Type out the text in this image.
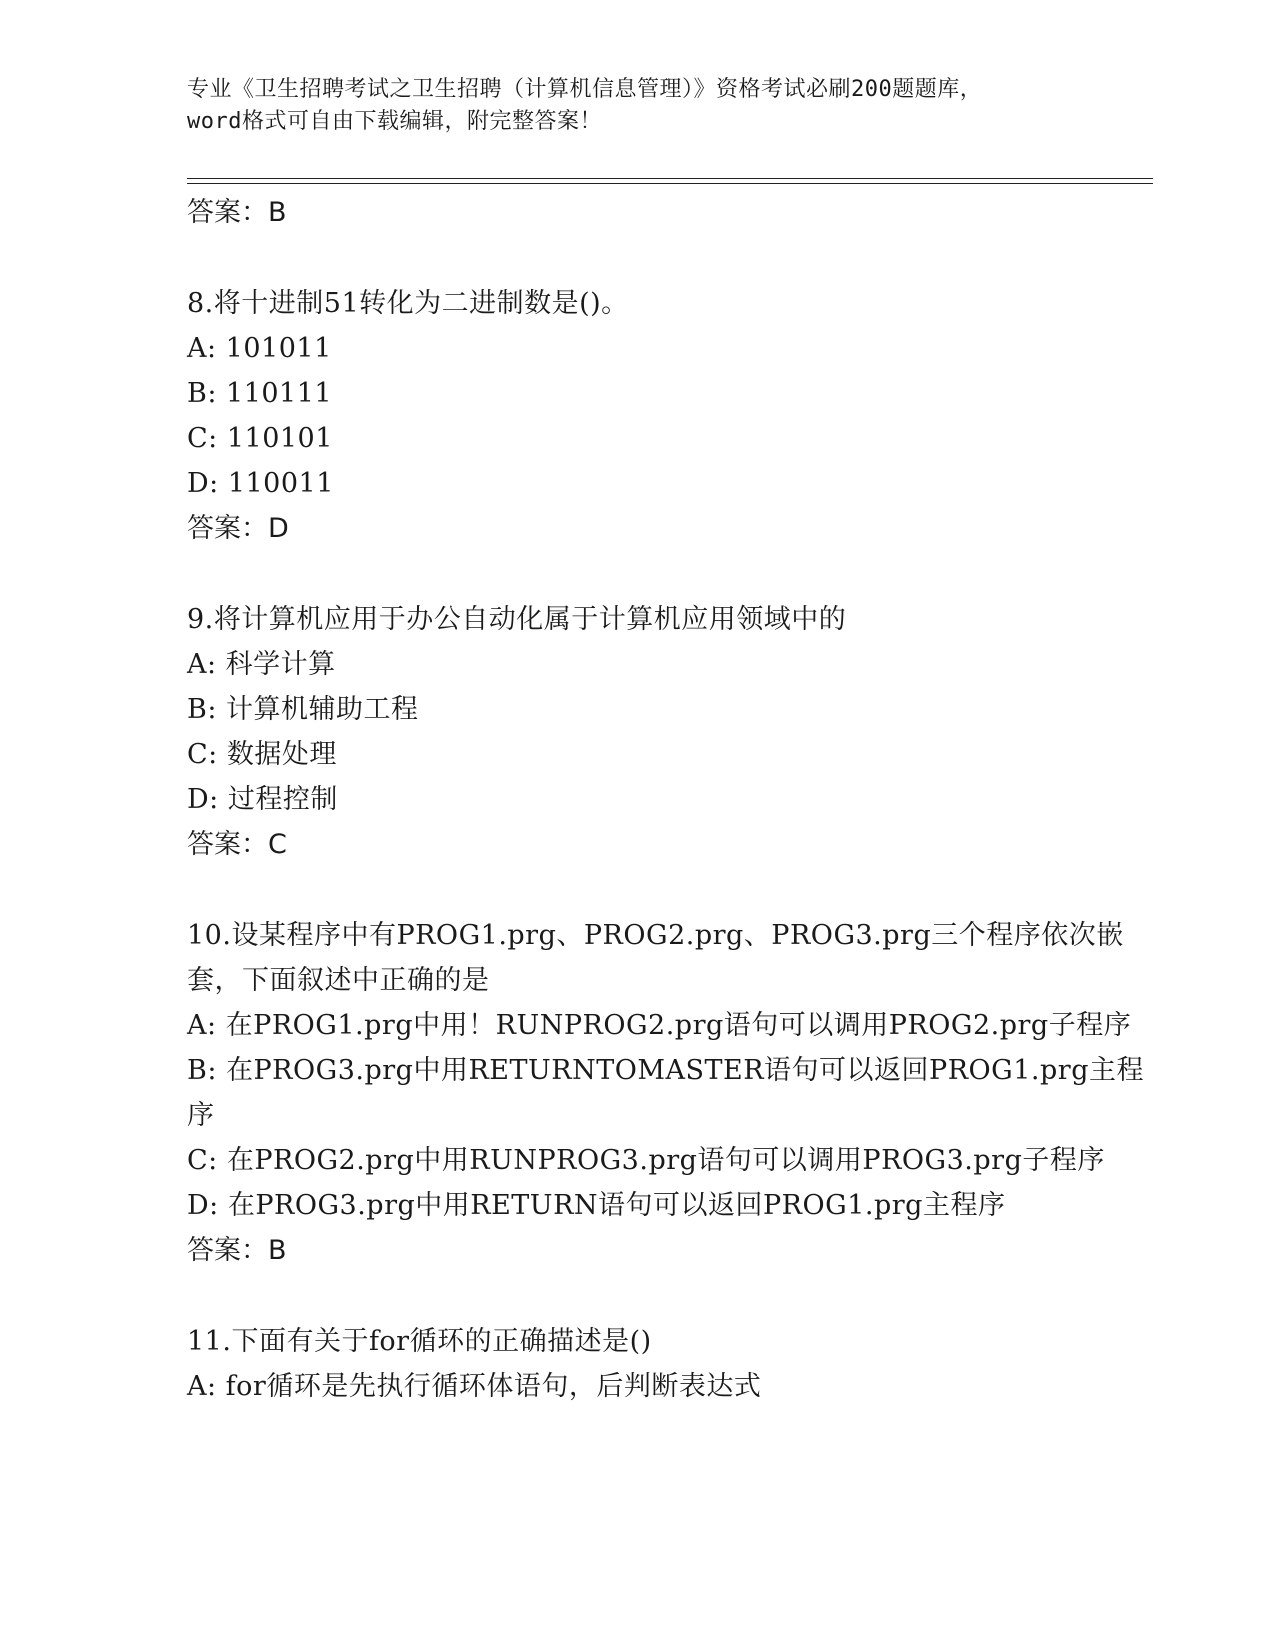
专业《卫生招聘考试之卫生招聘（计算机信息管理）》资格考试必刷200题题库，
word格式可自由下载编辑，附完整答案！
答案：B
8.将十进制51转化为二进制数是()。
A: 101011
B: 110111
C: 110101
D: 110011
答案：D
9.将计算机应用于办公自动化属于计算机应用领域中的
A: 科学计算
B: 计算机辅助工程
C: 数据处理
D: 过程控制
答案：C
10.设某程序中有PROG1.prg、PROG2.prg、PROG3.prg三个程序依次嵌
套，下面叙述中正确的是
A: 在PROG1.prg中用！RUNPROG2.prg语句可以调用PROG2.prg子程序
B: 在PROG3.prg中用RETURNTOMASTER语句可以返回PROG1.prg主程
序
C: 在PROG2.prg中用RUNPROG3.prg语句可以调用PROG3.prg子程序
D: 在PROG3.prg中用RETURN语句可以返回PROG1.prg主程序
答案：B
11.下面有关于for循环的正确描述是()
A: for循环是先执行循环体语句，后判断表达式
